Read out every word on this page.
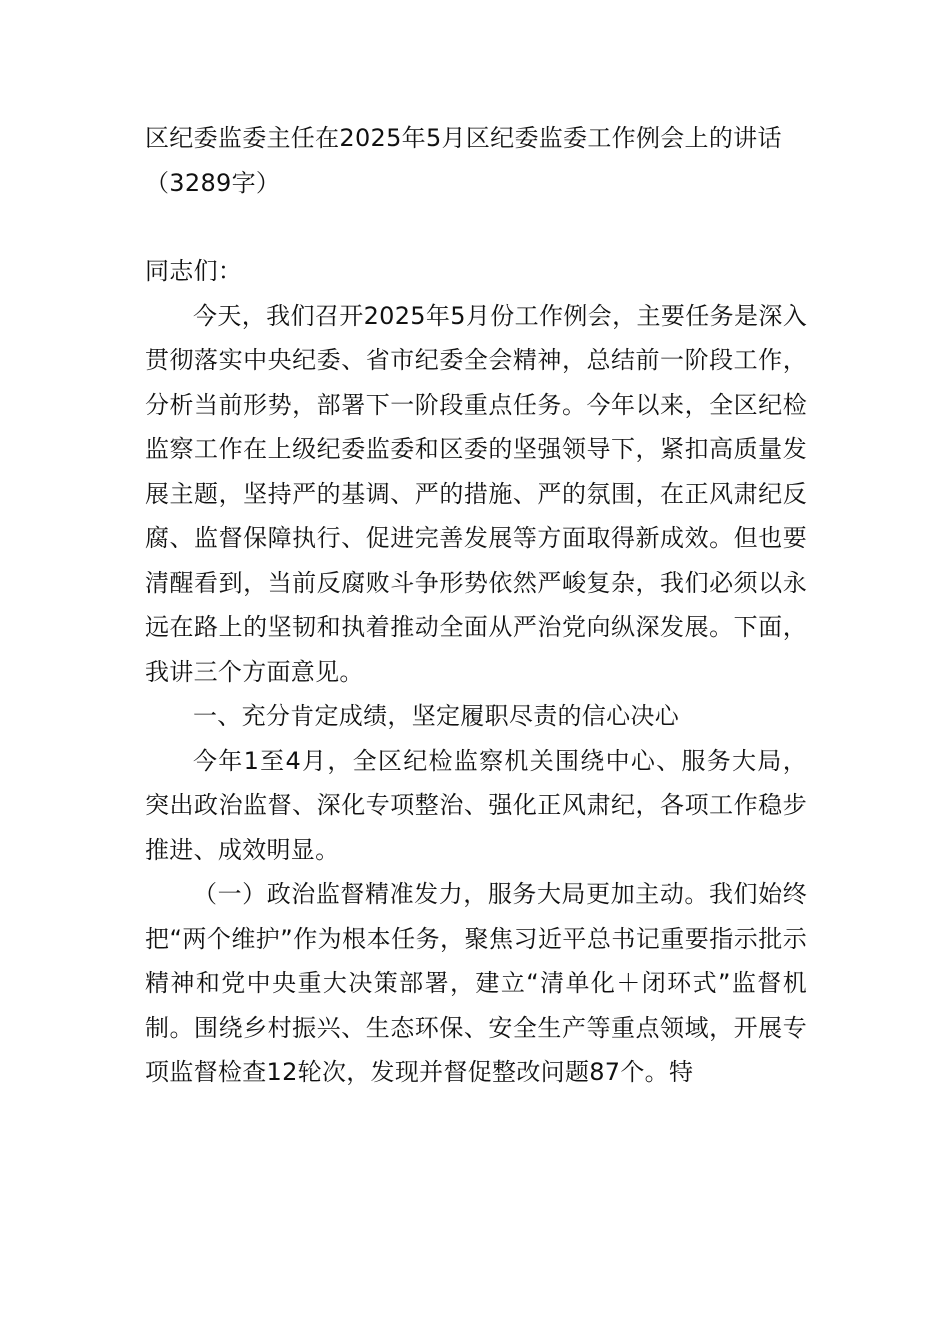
区纪委监委主任在2025年5月区纪委监委工作例会上的讲话（3289字）

同志们：

今天，我们召开2025年5月份工作例会，主要任务是深入贯彻落实中央纪委、省市纪委全会精神，总结前一阶段工作，分析当前形势，部署下一阶段重点任务。今年以来，全区纪检监察工作在上级纪委监委和区委的坚强领导下，紧扣高质量发展主题，坚持严的基调、严的措施、严的氛围，在正风肃纪反腐、监督保障执行、促进完善发展等方面取得新成效。但也要清醒看到，当前反腐败斗争形势依然严峻复杂，我们必须以永远在路上的坚韧和执着推动全面从严治党向纵深发展。下面，我讲三个方面意见。

一、充分肯定成绩，坚定履职尽责的信心决心

今年1至4月，全区纪检监察机关围绕中心、服务大局，突出政治监督、深化专项整治、强化正风肃纪，各项工作稳步推进、成效明显。

（一）政治监督精准发力，服务大局更加主动。我们始终把“两个维护”作为根本任务，聚焦习近平总书记重要指示批示精神和党中央重大决策部署，建立“清单化＋闭环式”监督机制。围绕乡村振兴、生态环保、安全生产等重点领域，开展专项监督检查12轮次，发现并督促整改问题87个。特
